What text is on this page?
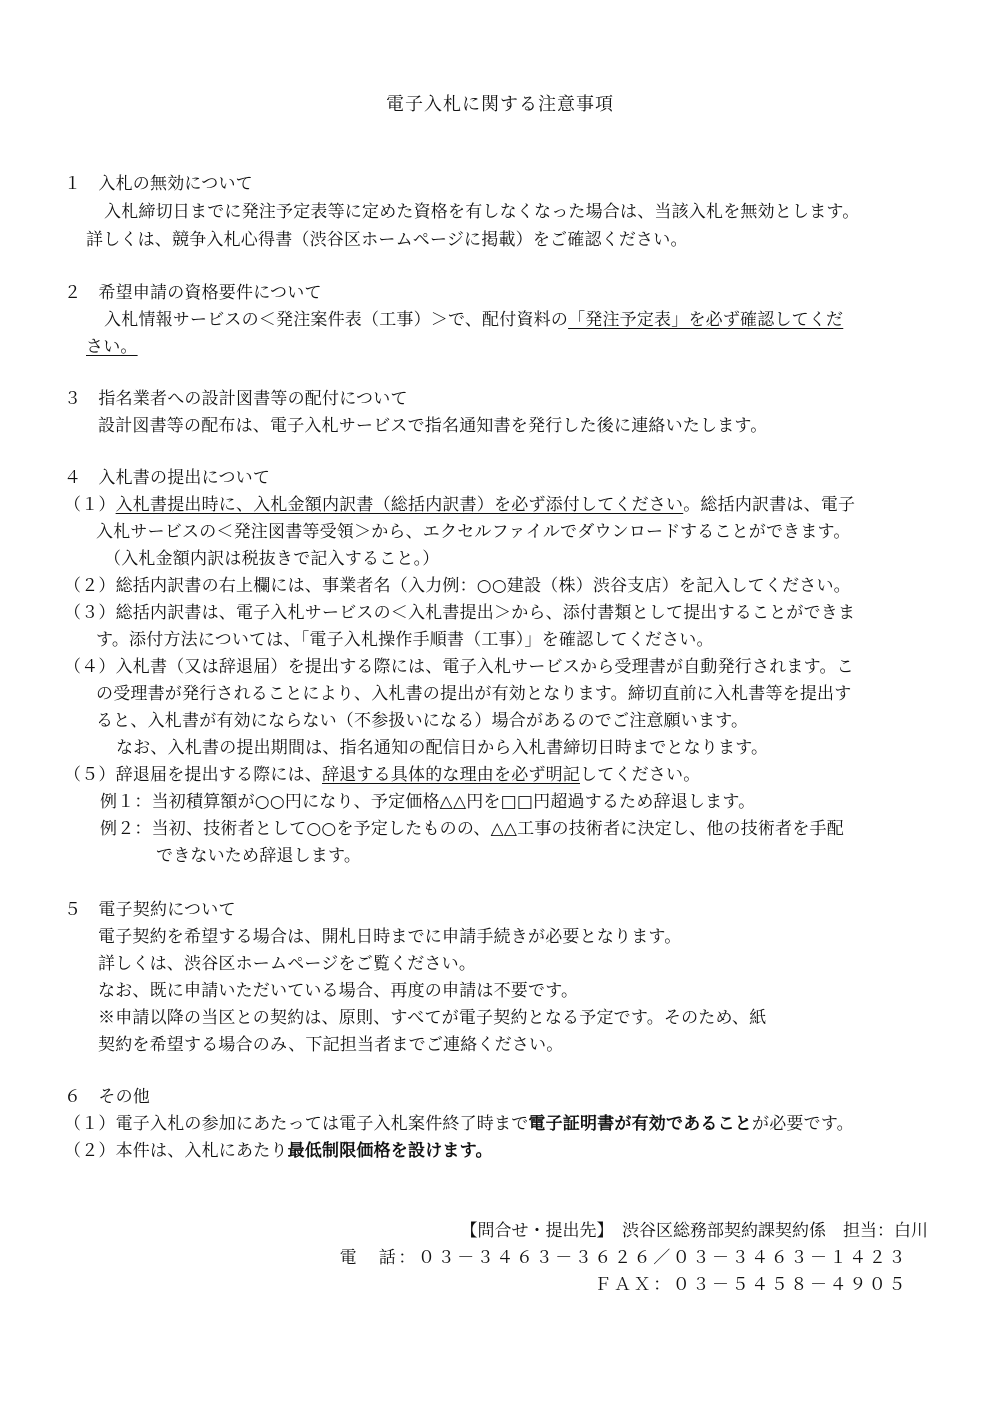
電子入札に関する注意事項
１　入札の無効について
入札締切日までに発注予定表等に定めた資格を有しなくなった場合は、当該入札を無効とします。
詳しくは、競争入札心得書（渋谷区ホームページに掲載）をご確認ください。
２　希望申請の資格要件について
入札情報サービスの＜発注案件表（工事）＞で、配付資料の「発注予定表」を必ず確認してくだ
さい。
３　指名業者への設計図書等の配付について
設計図書等の配布は、電子入札サービスで指名通知書を発行した後に連絡いたします。
４　入札書の提出について
（１）入札書提出時に、入札金額内訳書（総括内訳書）を必ず添付してください。総括内訳書は、電子
入札サービスの＜発注図書等受領＞から、エクセルファイルでダウンロードすることができます。
（入札金額内訳は税抜きで記入すること。）
（２）総括内訳書の右上欄には、事業者名（入力例：○○建設（株）渋谷支店）を記入してください。
（３）総括内訳書は、電子入札サービスの＜入札書提出＞から、添付書類として提出することができま
す。添付方法については、「電子入札操作手順書（工事）」を確認してください。
（４）入札書（又は辞退届）を提出する際には、電子入札サービスから受理書が自動発行されます。こ
の受理書が発行されることにより、入札書の提出が有効となります。締切直前に入札書等を提出す
ると、入札書が有効にならない（不参扱いになる）場合があるのでご注意願います。
なお、入札書の提出期間は、指名通知の配信日から入札書締切日時までとなります。
（５）辞退届を提出する際には、辞退する具体的な理由を必ず明記してください。
例１：当初積算額が○○円になり、予定価格△△円を□□円超過するため辞退します。
例２：当初、技術者として○○を予定したものの、△△工事の技術者に決定し、他の技術者を手配
できないため辞退します。
５　電子契約について
電子契約を希望する場合は、開札日時までに申請手続きが必要となります。
詳しくは、渋谷区ホームページをご覧ください。
なお、既に申請いただいている場合、再度の申請は不要です。
※申請以降の当区との契約は、原則、すべてが電子契約となる予定です。そのため、紙
契約を希望する場合のみ、下記担当者までご連絡ください。
６　その他
（１）電子入札の参加にあたっては電子入札案件終了時まで電子証明書が有効であることが必要です。
（２）本件は、入札にあたり最低制限価格を設けます。
【問合せ・提出先】　 渋谷区総務部契約課契約係　担当：白川
電　話：０３－３４６３－３６２６／０３－３４６３－１４２３
ＦＡＸ：０３－５４５８－４９０５
